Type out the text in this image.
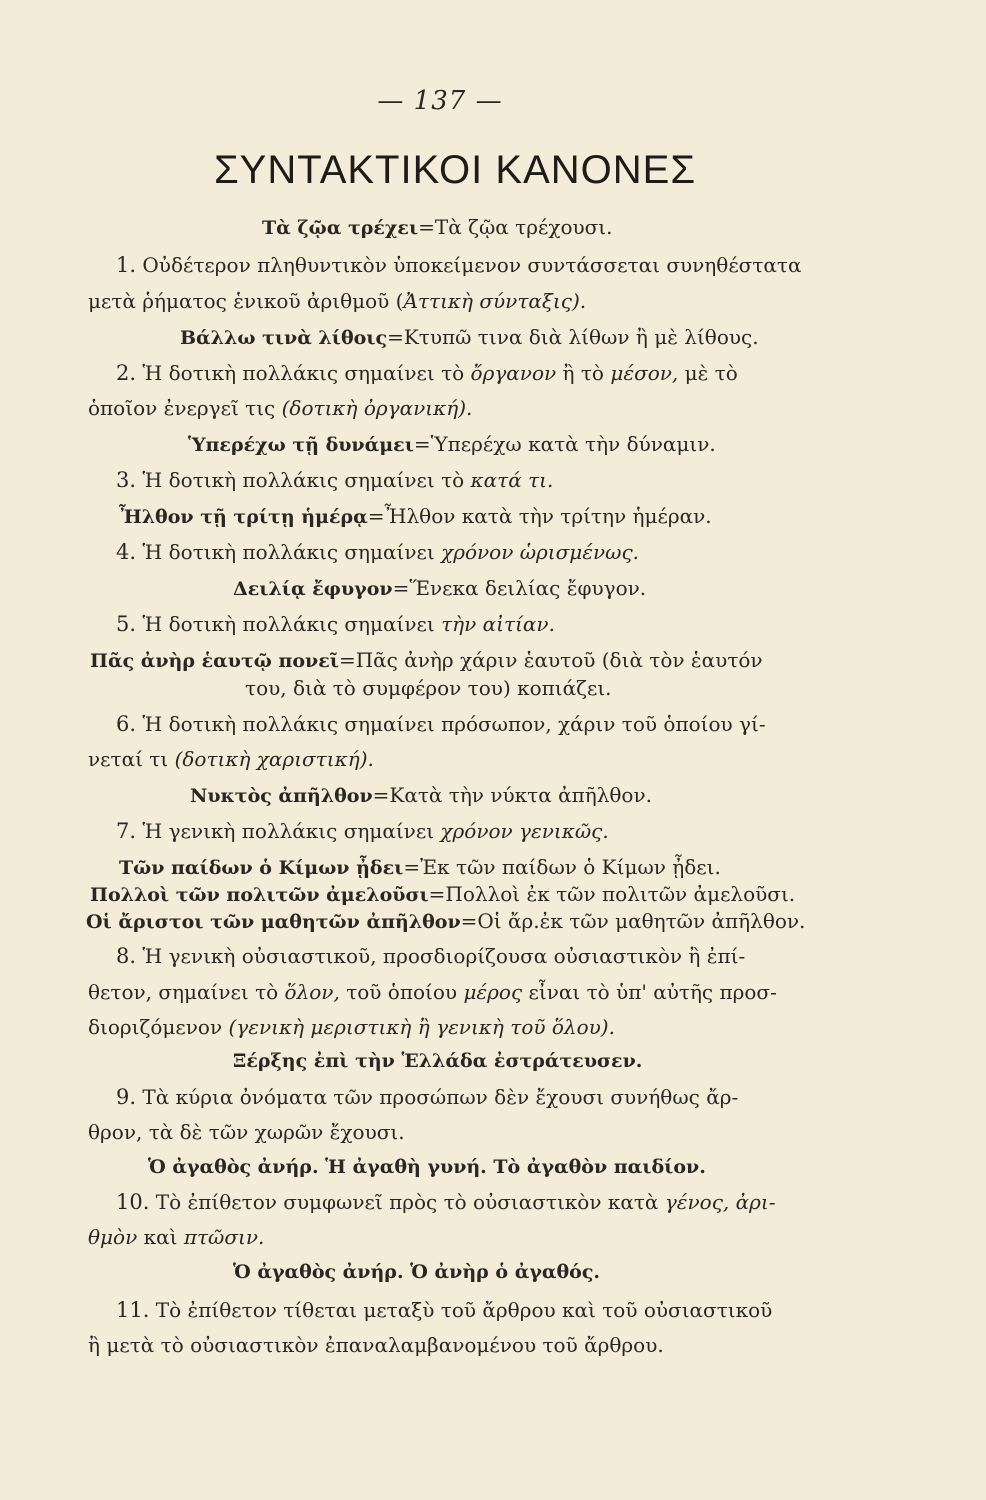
— 137 —
ΣΥΝΤΑΚΤΙΚΟΙ ΚΑΝΟΝΕΣ
Τὰ ζῷα τρέχει=Τὰ ζῷα τρέχουσι.
1. Οὐδέτερον πληθυντικὸν ὑποκείμενον συντάσσεται συνηθέστατα
μετὰ ῥήματος ἑνικοῦ ἀριθμοῦ (Ἀττικὴ σύνταξις).
Βάλλω τινὰ λίθοις=Κτυπῶ τινα διὰ λίθων ἢ μὲ λίθους.
2. Ἡ δοτικὴ πολλάκις σημαίνει τὸ ὄργανον ἢ τὸ μέσον, μὲ τὸ
ὁποῖον ἐνεργεῖ τις (δοτικὴ ὀργανική).
Ὑπερέχω τῇ δυνάμει=Ὑπερέχω κατὰ τὴν δύναμιν.
3. Ἡ δοτικὴ πολλάκις σημαίνει τὸ κατά τι.
Ἦλθον τῇ τρίτῃ ἡμέρᾳ=Ἦλθον κατὰ τὴν τρίτην ἡμέραν.
4. Ἡ δοτικὴ πολλάκις σημαίνει χρόνον ὡρισμένως.
Δειλίᾳ ἔφυγον=Ἕνεκα δειλίας ἔφυγον.
5. Ἡ δοτικὴ πολλάκις σημαίνει τὴν αἰτίαν.
Πᾶς ἀνὴρ ἑαυτῷ πονεῖ=Πᾶς ἀνὴρ χάριν ἑαυτοῦ (διὰ τὸν ἑαυτόν
του, διὰ τὸ συμφέρον του) κοπιάζει.
6. Ἡ δοτικὴ πολλάκις σημαίνει πρόσωπον, χάριν τοῦ ὁποίου γί-
νεταί τι (δοτικὴ χαριστική).
Νυκτὸς ἀπῆλθον=Κατὰ τὴν νύκτα ἀπῆλθον.
7. Ἡ γενικὴ πολλάκις σημαίνει χρόνον γενικῶς.
Τῶν παίδων ὁ Κίμων ᾖδει=Ἐκ τῶν παίδων ὁ Κίμων ᾖδει.
Πολλοὶ τῶν πολιτῶν ἀμελοῦσι=Πολλοὶ ἐκ τῶν πολιτῶν ἀμελοῦσι.
Οἱ ἄριστοι τῶν μαθητῶν ἀπῆλθον=Οἱ ἄρ.ἐκ τῶν μαθητῶν ἀπῆλθον.
8. Ἡ γενικὴ οὐσιαστικοῦ, προσδιορίζουσα οὐσιαστικὸν ἢ ἐπί-
θετον, σημαίνει τὸ ὅλον, τοῦ ὁποίου μέρος εἶναι τὸ ὑπ' αὐτῆς προσ-
διοριζόμενον (γενικὴ μεριστικὴ ἢ γενικὴ τοῦ ὅλου).
Ξέρξης ἐπὶ τὴν Ἑλλάδα ἐστράτευσεν.
9. Τὰ κύρια ὀνόματα τῶν προσώπων δὲν ἔχουσι συνήθως ἄρ-
θρον, τὰ δὲ τῶν χωρῶν ἔχουσι.
Ὁ ἀγαθὸς ἀνήρ. Ἡ ἀγαθὴ γυνή. Τὸ ἀγαθὸν παιδίον.
10. Τὸ ἐπίθετον συμφωνεῖ πρὸς τὸ οὐσιαστικὸν κατὰ γένος, ἀρι-
θμὸν καὶ πτῶσιν.
Ὁ ἀγαθὸς ἀνήρ. Ὁ ἀνὴρ ὁ ἀγαθός.
11. Τὸ ἐπίθετον τίθεται μεταξὺ τοῦ ἄρθρου καὶ τοῦ οὐσιαστικοῦ
ἢ μετὰ τὸ οὐσιαστικὸν ἐπαναλαμβανομένου τοῦ ἄρθρου.
